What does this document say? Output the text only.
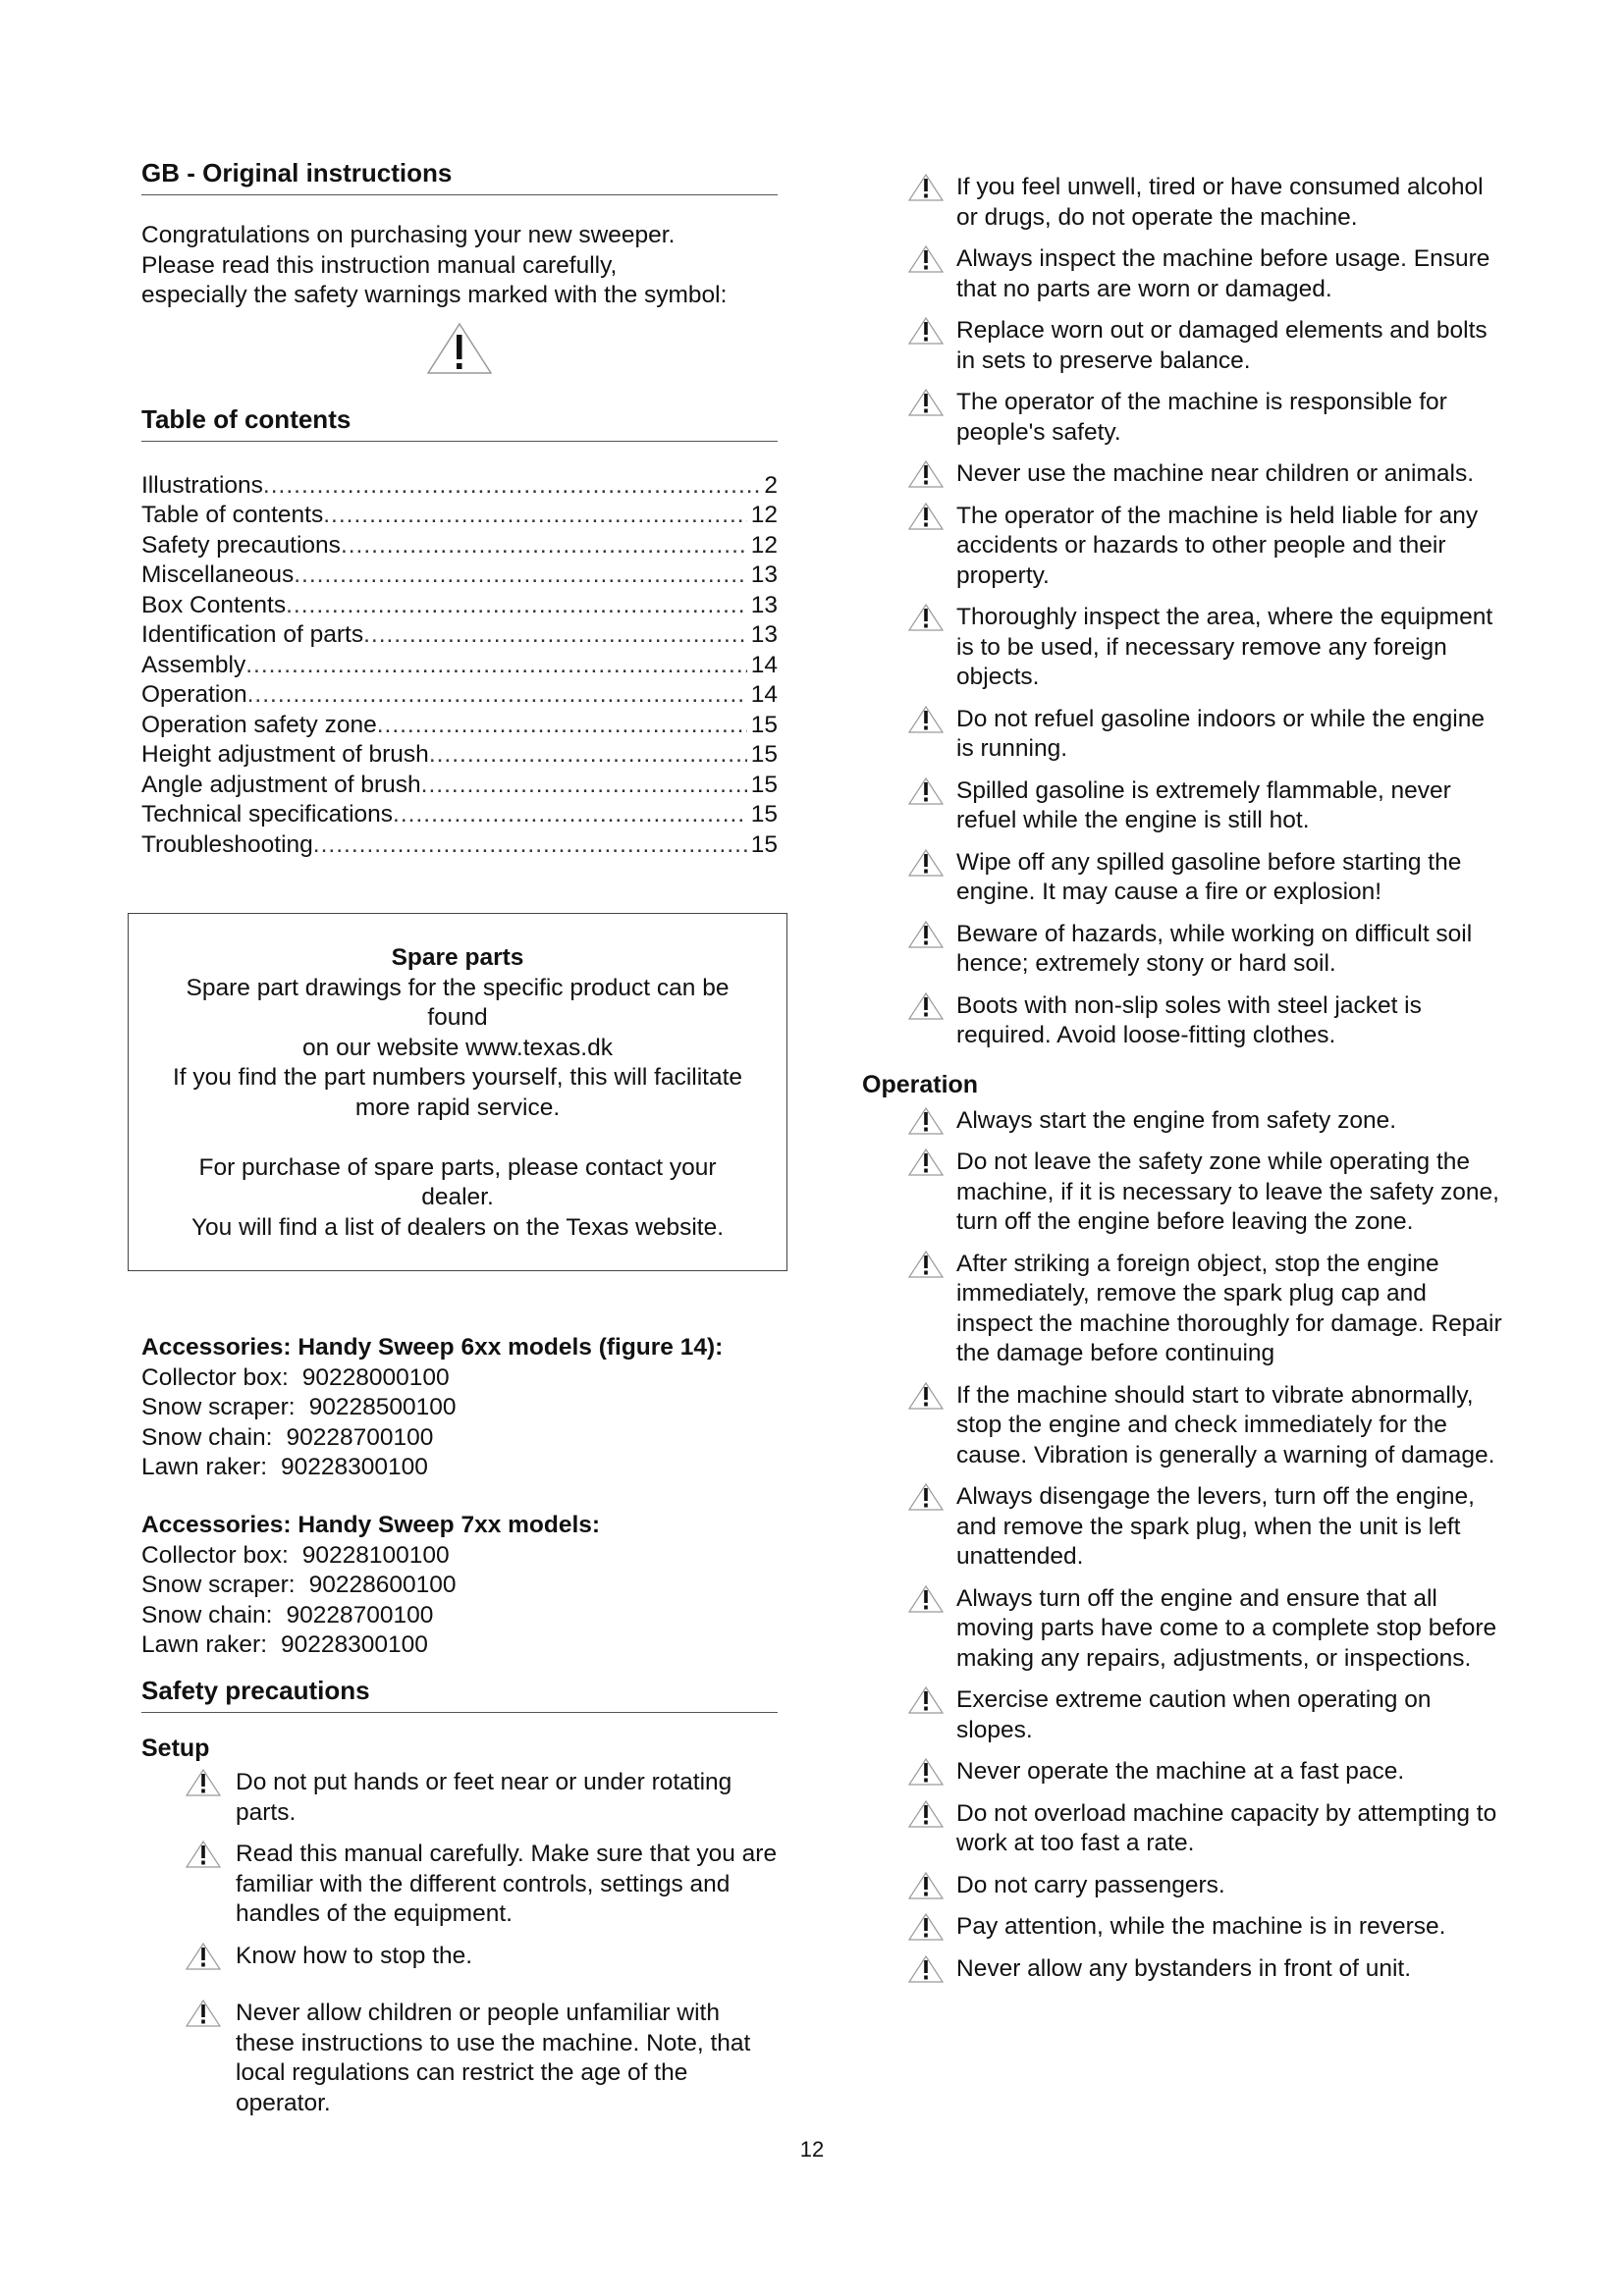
GB - Original instructions

Congratulations on purchasing your new sweeper.

Please read this instruction manual carefully,

especially the safety warnings marked with the symbol:

Table of contents
Illustrations .....	2
Table of contents .....	12
Safety precautions .....	12
Miscellaneous .....	13
Box Contents .....	13
Identification of parts .....	13
Assembly .....	14
Operation .....	14
Operation safety zone .....	15
Height adjustment of brush .....	15
Angle adjustment of brush .....	15
Technical specifications .....	15
Troubleshooting .....	15
Spare parts
Spare part drawings for the specific product can be
found
on our website www.texas.dk
If you find the part numbers yourself, this will facilitate
more rapid service.
For purchase of spare parts, please contact your
dealer.
You will find a list of dealers on the Texas website.
Accessories: Handy Sweep 6xx models (figure 14):
Collector box: 90228000100
Snow scraper: 90228500100
Snow chain: 90228700100
Lawn raker: 90228300100
Accessories: Handy Sweep 7xx models:
Collector box: 90228100100
Snow scraper: 90228600100
Snow chain: 90228700100
Lawn raker: 90228300100
Safety precautions
Setup
Do not put hands or feet near or under rotating parts.
Read this manual carefully. Make sure that you are familiar with the different controls, settings and handles of the equipment.
Know how to stop the.
Never allow children or people unfamiliar with these instructions to use the machine. Note, that local regulations can restrict the age of the operator.
If you feel unwell, tired or have consumed alcohol or drugs, do not operate the machine.
Always inspect the machine before usage. Ensure that no parts are worn or damaged.
Replace worn out or damaged elements and bolts in sets to preserve balance.
The operator of the machine is responsible for people's safety.
Never use the machine near children or animals.
The operator of the machine is held liable for any accidents or hazards to other people and their property.
Thoroughly inspect the area, where the equipment is to be used, if necessary remove any foreign objects.
Do not refuel gasoline indoors or while the engine is running.
Spilled gasoline is extremely flammable, never refuel while the engine is still hot.
Wipe off any spilled gasoline before starting the engine. It may cause a fire or explosion!
Beware of hazards, while working on difficult soil hence; extremely stony or hard soil.
Boots with non-slip soles with steel jacket is required. Avoid loose-fitting clothes.
Operation
Always start the engine from safety zone.
Do not leave the safety zone while operating the machine, if it is necessary to leave the safety zone, turn off the engine before leaving the zone.
After striking a foreign object, stop the engine immediately, remove the spark plug cap and inspect the machine thoroughly for damage. Repair the damage before continuing
If the machine should start to vibrate abnormally, stop the engine and check immediately for the cause. Vibration is generally a warning of damage.
Always disengage the levers, turn off the engine, and remove the spark plug, when the unit is left unattended.
Always turn off the engine and ensure that all moving parts have come to a complete stop before making any repairs, adjustments, or inspections.
Exercise extreme caution when operating on slopes.
Never operate the machine at a fast pace.
Do not overload machine capacity by attempting to work at too fast a rate.
Do not carry passengers.
Pay attention, while the machine is in reverse.
Never allow any bystanders in front of unit.
12
